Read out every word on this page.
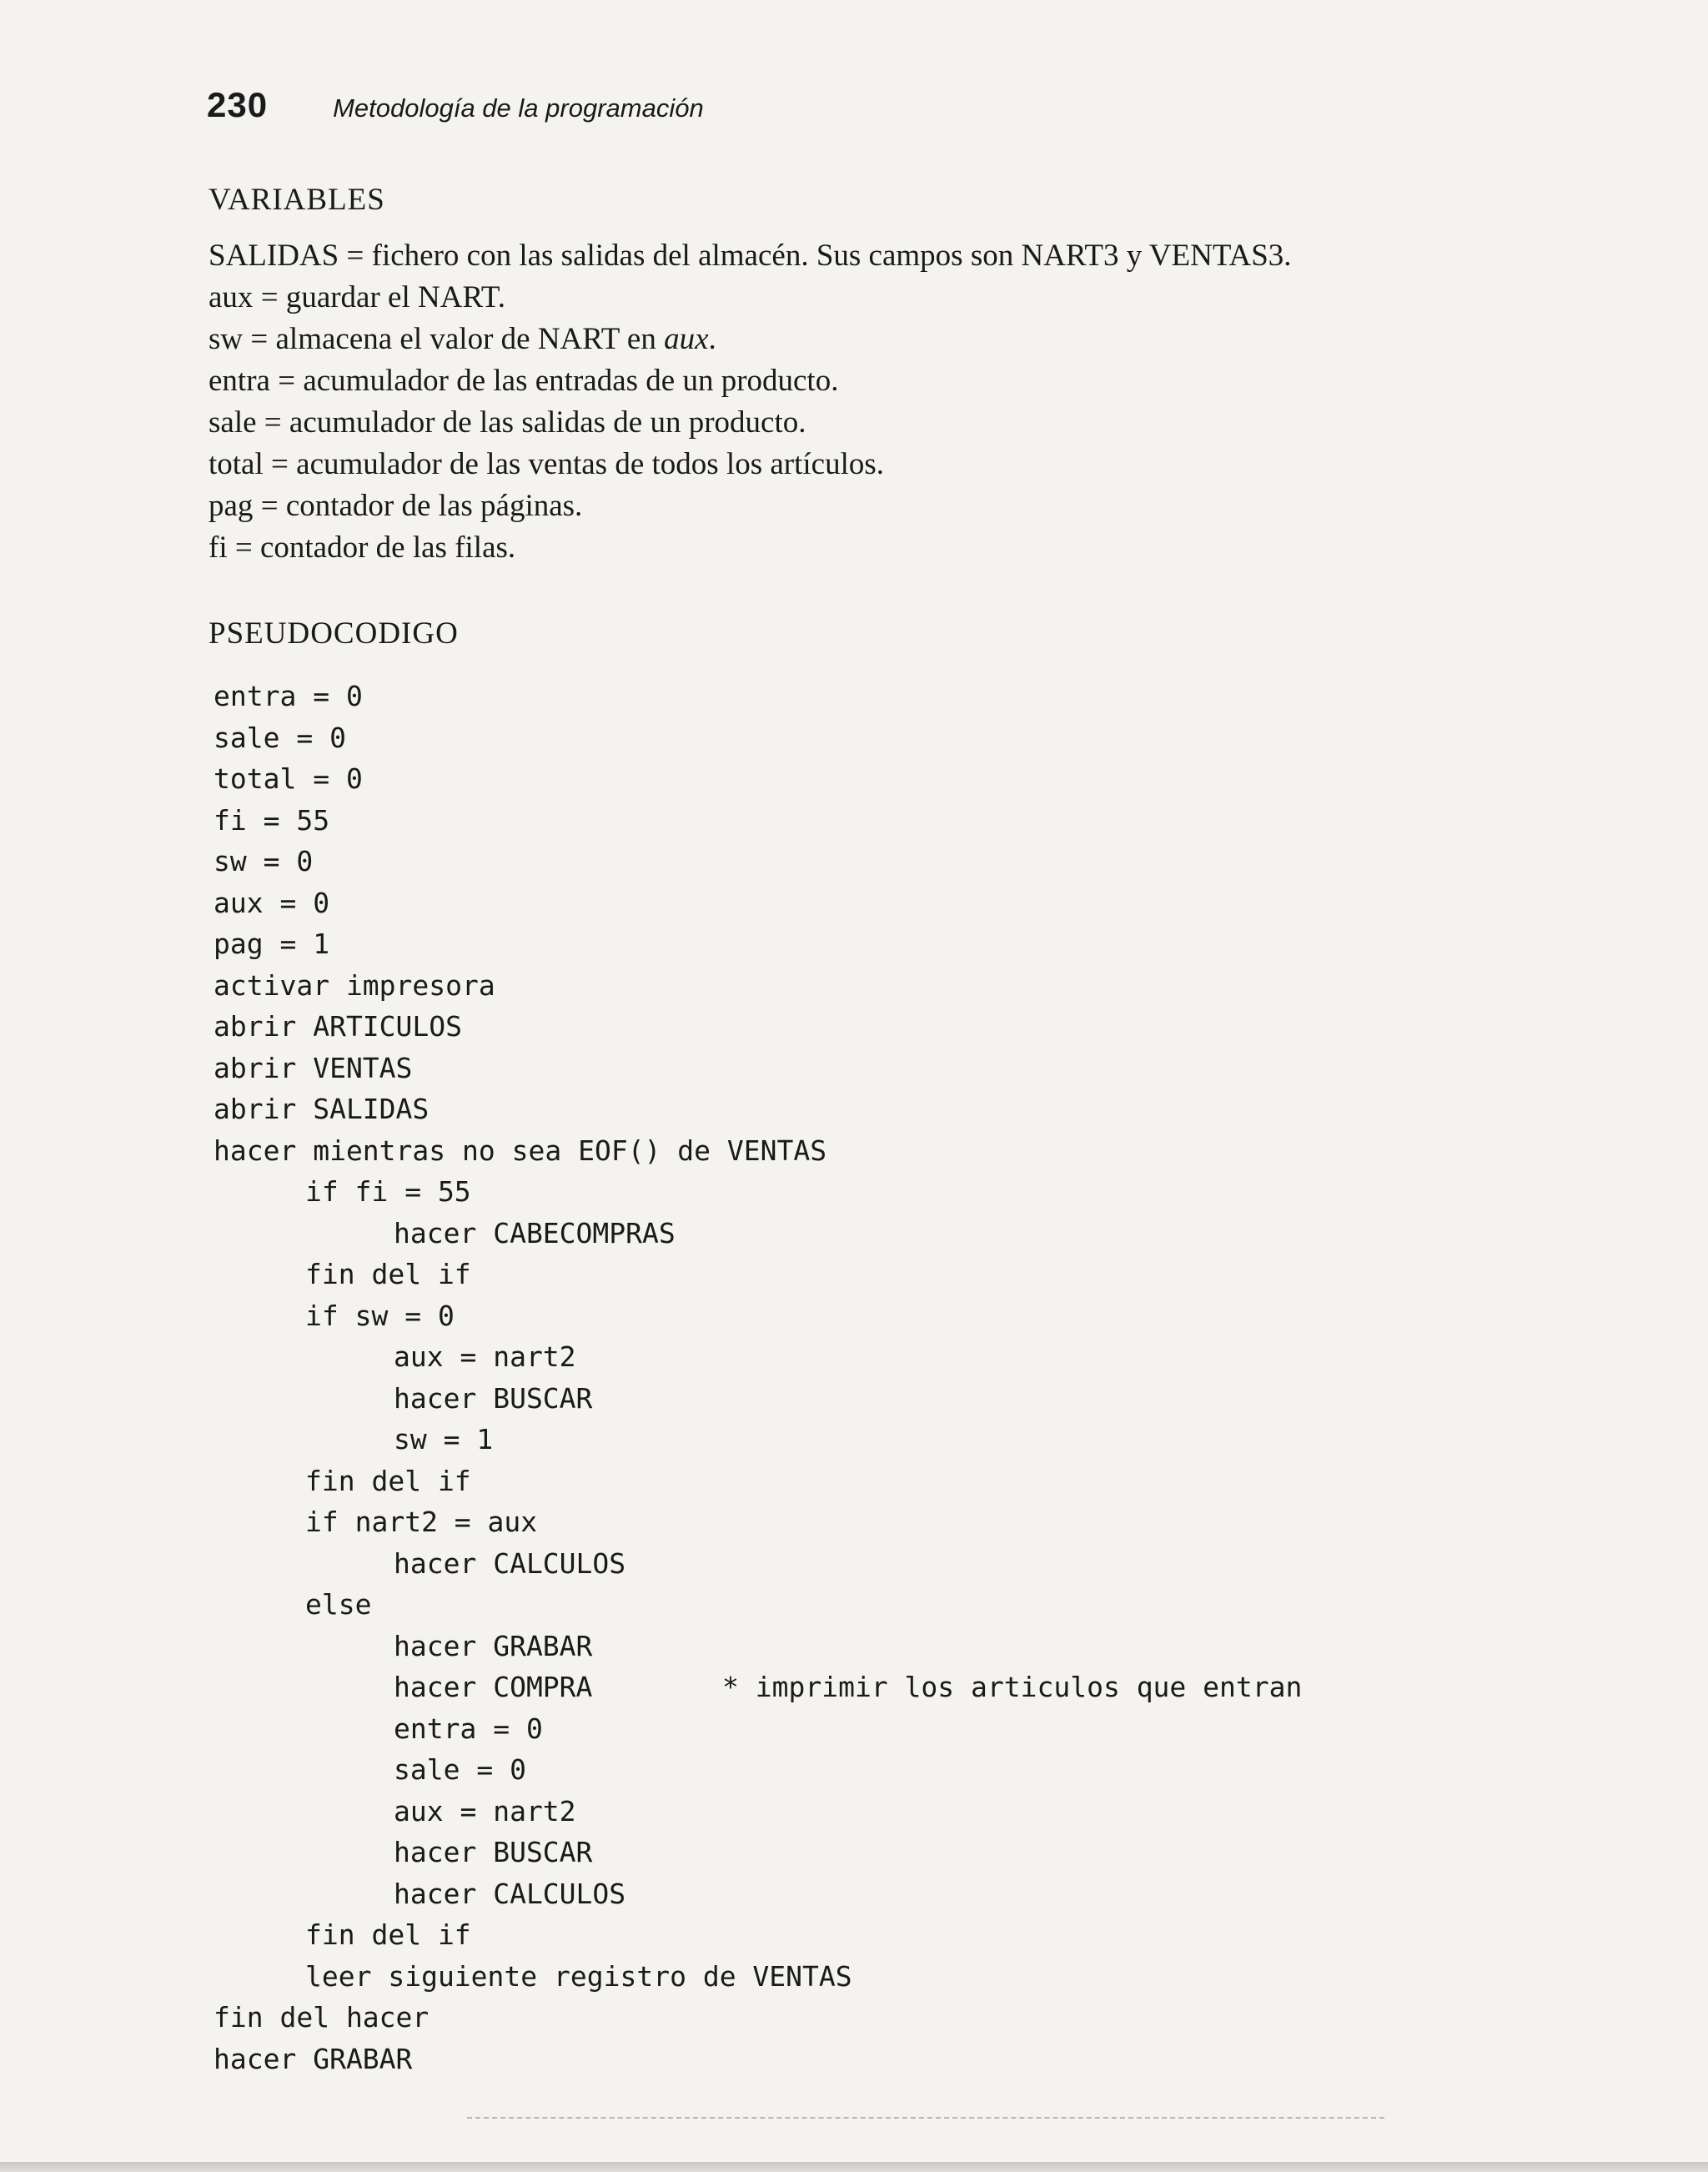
230	Metodología de la programación
VARIABLES
SALIDAS = fichero con las salidas del almacén. Sus campos son NART3 y VENTAS3.
aux = guardar el NART.
sw = almacena el valor de NART en aux.
entra = acumulador de las entradas de un producto.
sale = acumulador de las salidas de un producto.
total = acumulador de las ventas de todos los artículos.
pag = contador de las páginas.
fi = contador de las filas.
PSEUDOCODIGO
entra = 0
sale = 0
total = 0
fi = 55
sw = 0
aux = 0
pag = 1
activar impresora
abrir ARTICULOS
abrir VENTAS
abrir SALIDAS
hacer mientras no sea EOF() de VENTAS
if fi = 55
hacer CABECOMPRAS
fin del if
if sw = 0
aux = nart2
hacer BUSCAR
sw = 1
fin del if
if nart2 = aux
hacer CALCULOS
else
hacer GRABAR
hacer COMPRA	* imprimir los articulos que entran
entra = 0
sale = 0
aux = nart2
hacer BUSCAR
hacer CALCULOS
fin del if
leer siguiente registro de VENTAS
fin del hacer
hacer GRABAR
